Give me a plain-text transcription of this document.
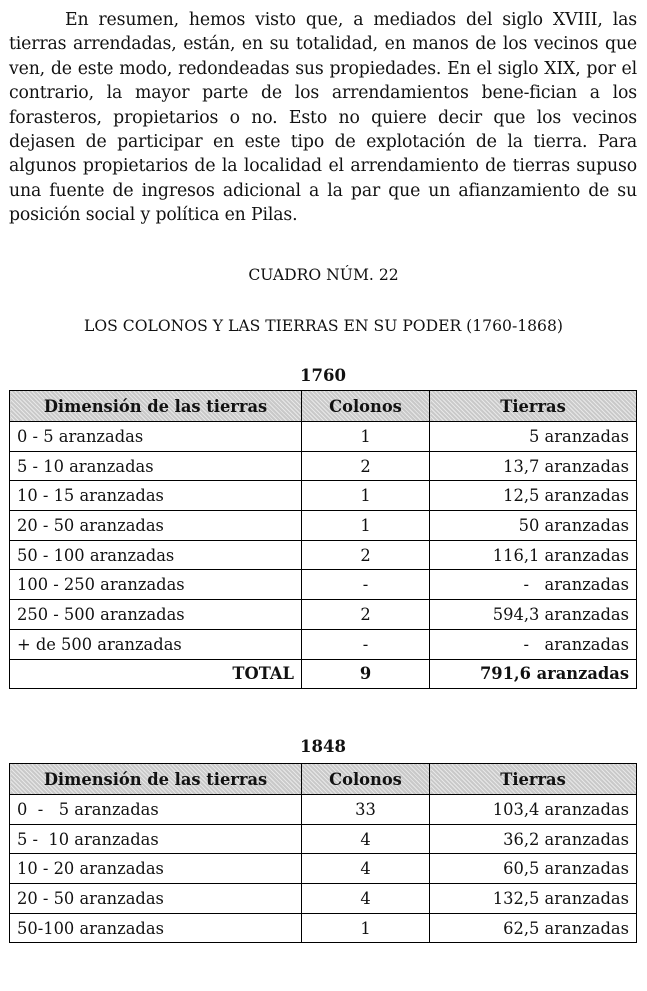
En resumen, hemos visto que, a mediados del siglo XVIII, las tierras arrendadas, están, en su totalidad, en manos de los vecinos que ven, de este modo, redondeadas sus propiedades. En el siglo XIX, por el contrario, la mayor parte de los arrendamientos bene-fician a los forasteros, propietarios o no. Esto no quiere decir que los vecinos dejasen de participar en este tipo de explotación de la tierra. Para algunos propietarios de la localidad el arrendamiento de tierras supuso una fuente de ingresos adicional a la par que un afianzamiento de su posición social y política en Pilas.
CUADRO NÚM. 22
LOS COLONOS Y LAS TIERRAS EN SU PODER (1760-1868)
1760
Dimensión de las tierras	Colonos	Tierras
0 - 5 aranzadas	1	5 aranzadas
5 - 10 aranzadas	2	13,7 aranzadas
10 - 15 aranzadas	1	12,5 aranzadas
20 - 50 aranzadas	1	50 aranzadas
50 - 100 aranzadas	2	116,1 aranzadas
100 - 250 aranzadas	-	-   aranzadas
250 - 500 aranzadas	2	594,3 aranzadas
+ de 500 aranzadas	-	-   aranzadas
TOTAL	9	791,6 aranzadas
1848
Dimensión de las tierras	Colonos	Tierras
0  -   5 aranzadas	33	103,4 aranzadas
5 -  10 aranzadas	4	36,2 aranzadas
10 - 20 aranzadas	4	60,5 aranzadas
20 - 50 aranzadas	4	132,5 aranzadas
50-100 aranzadas	1	62,5 aranzadas
